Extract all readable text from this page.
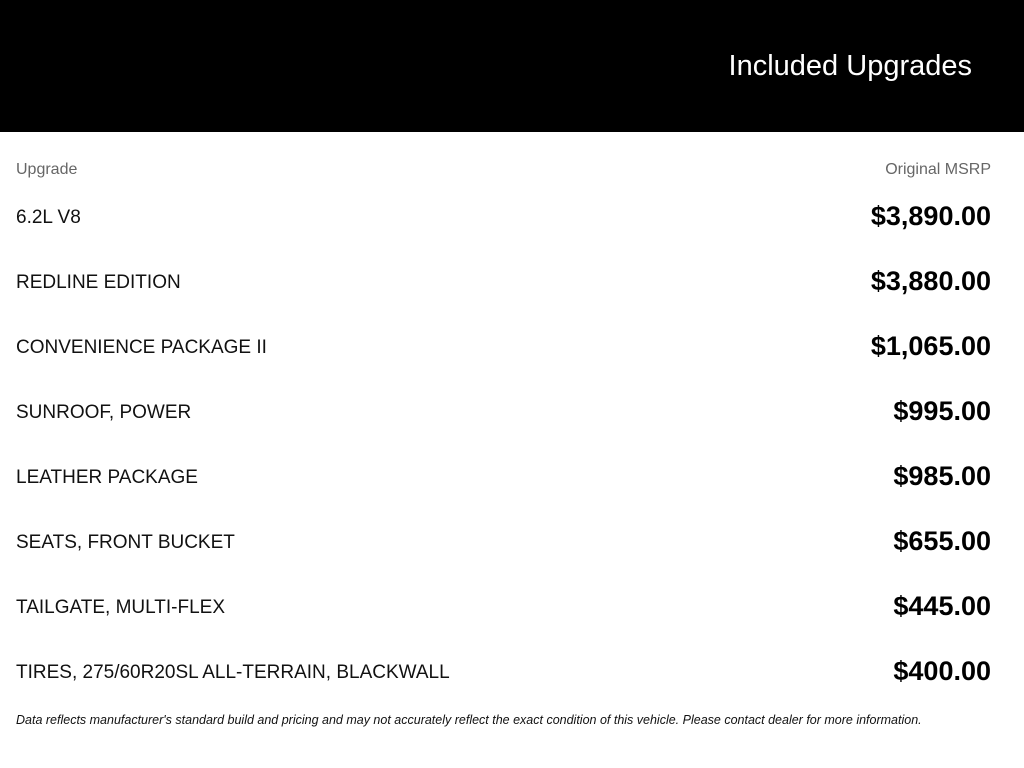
Included Upgrades
Upgrade	Original MSRP
6.2L V8	$3,890.00
REDLINE EDITION	$3,880.00
CONVENIENCE PACKAGE II	$1,065.00
SUNROOF, POWER	$995.00
LEATHER PACKAGE	$985.00
SEATS, FRONT BUCKET	$655.00
TAILGATE, MULTI-FLEX	$445.00
TIRES, 275/60R20SL ALL-TERRAIN, BLACKWALL	$400.00
Data reflects manufacturer's standard build and pricing and may not accurately reflect the exact condition of this vehicle. Please contact dealer for more information.
